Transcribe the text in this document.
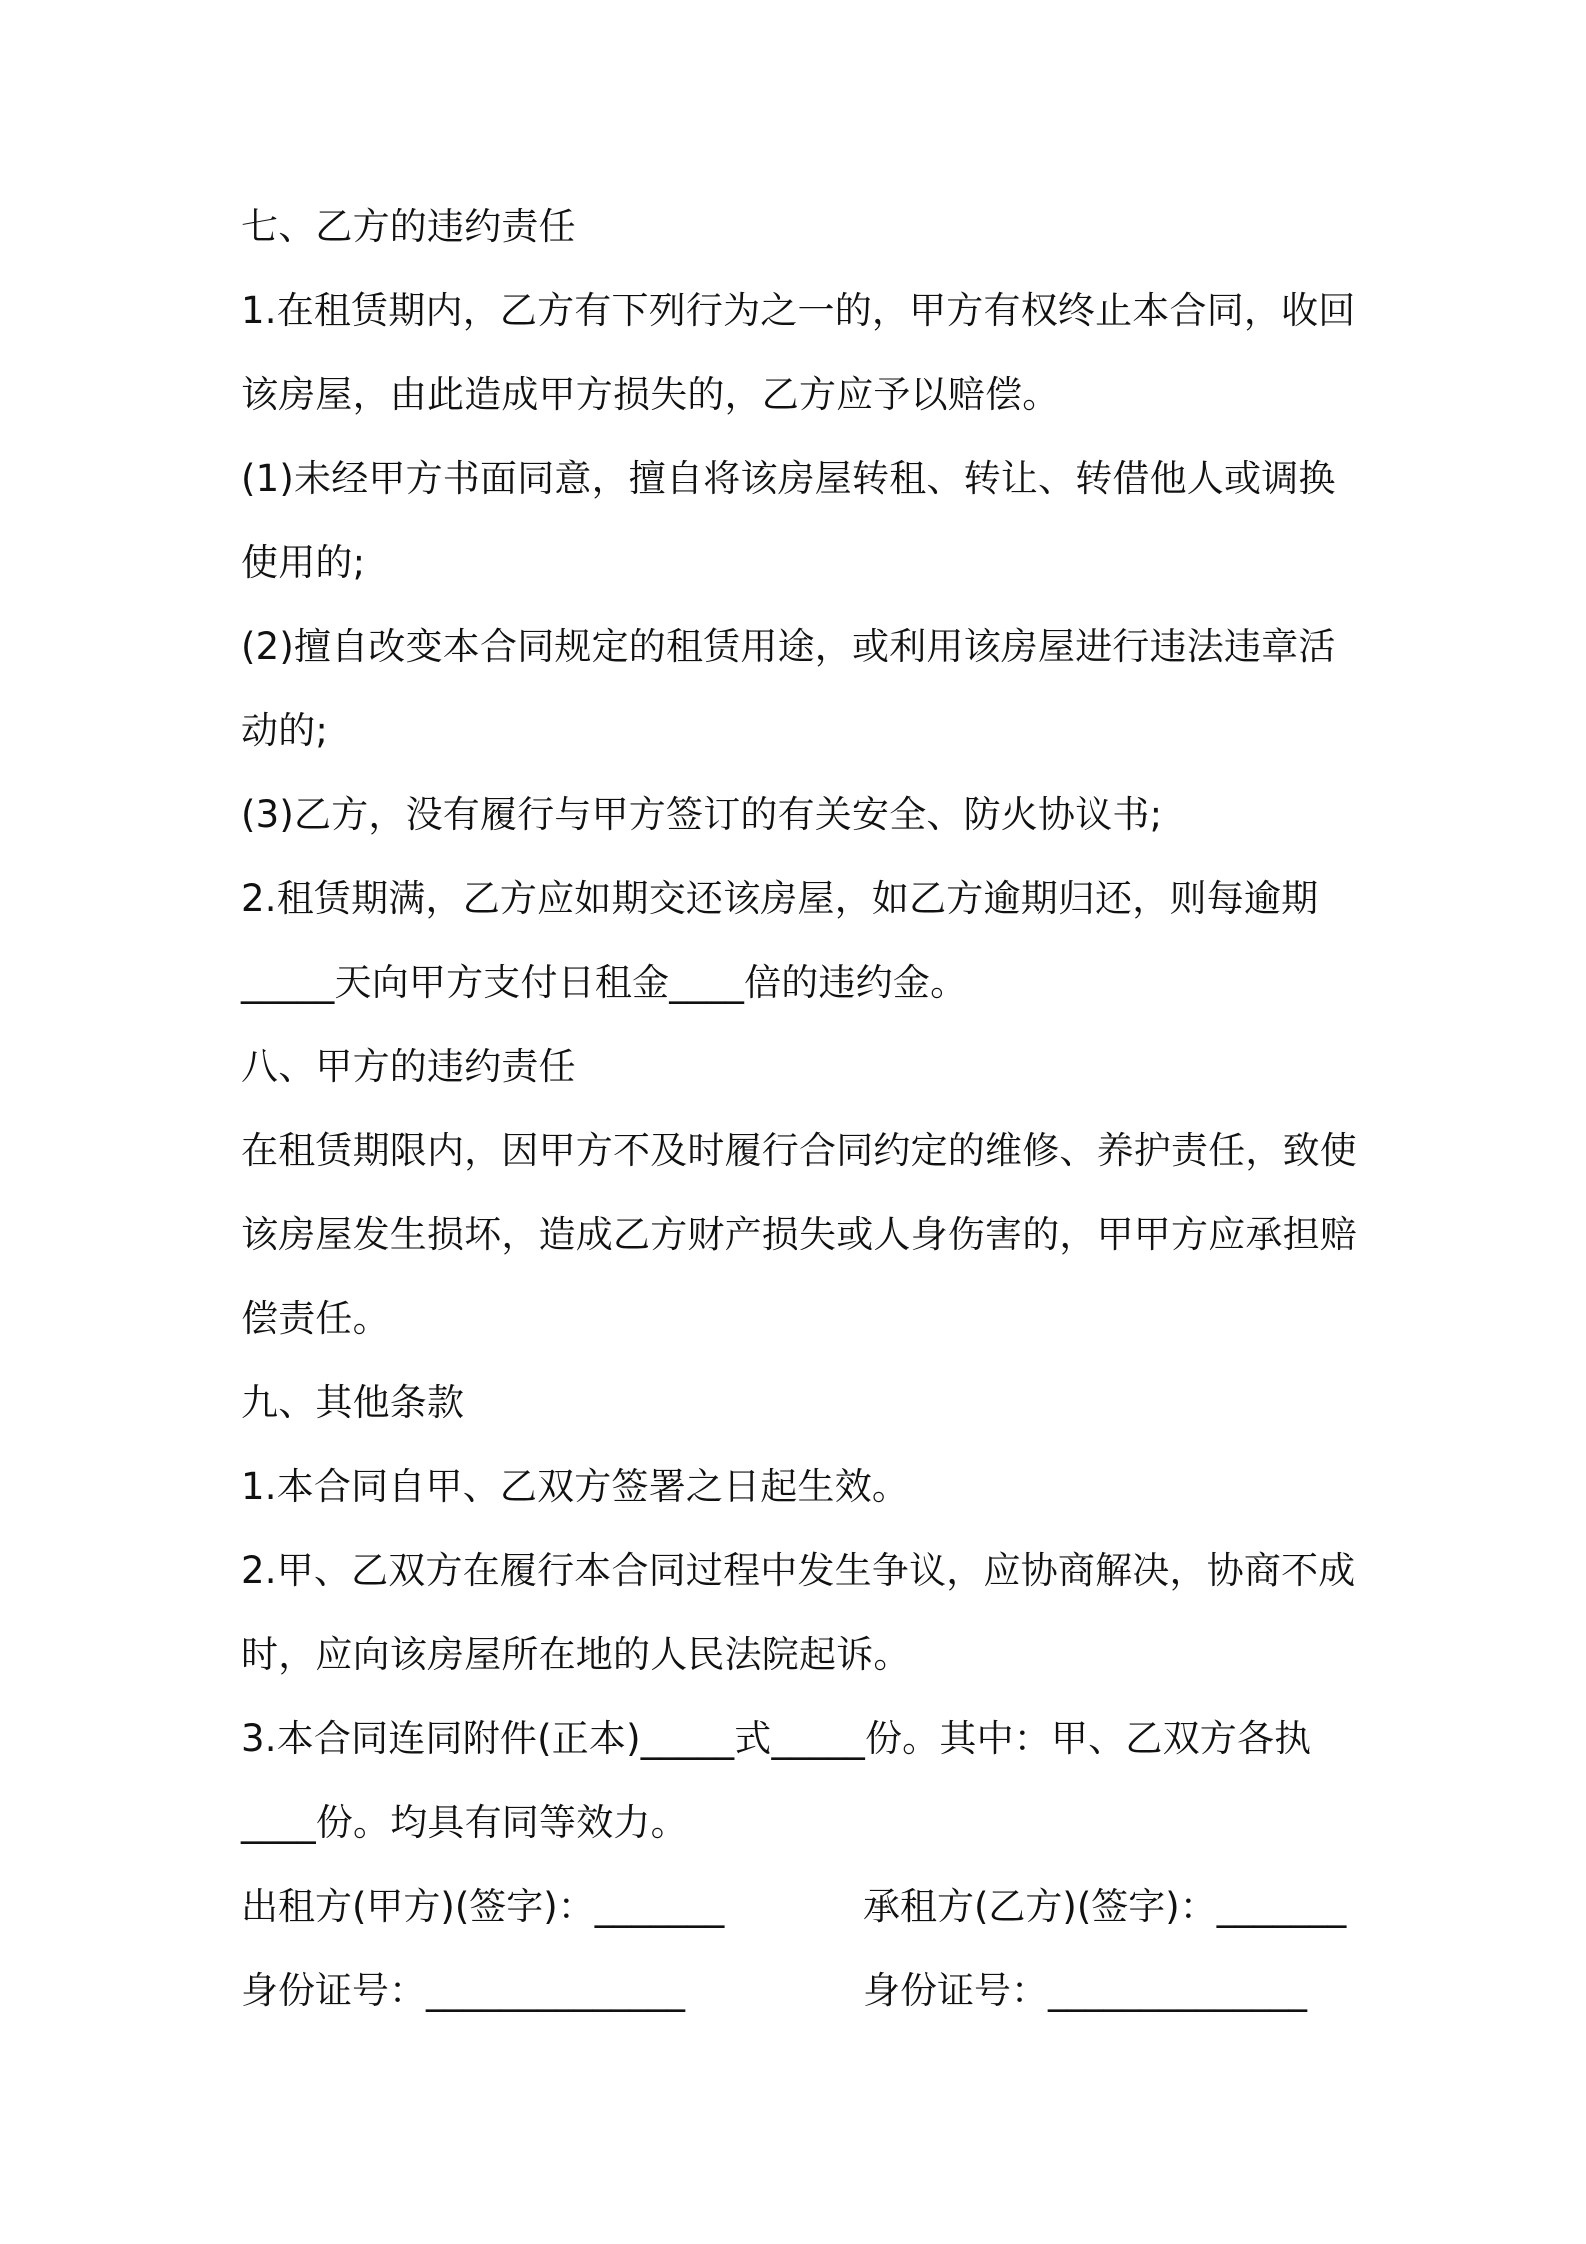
七、乙方的违约责任
1.在租赁期内，乙方有下列行为之一的，甲方有权终止本合同，收回
该房屋，由此造成甲方损失的，乙方应予以赔偿。
(1)未经甲方书面同意，擅自将该房屋转租、转让、转借他人或调换
使用的;
(2)擅自改变本合同规定的租赁用途，或利用该房屋进行违法违章活
动的;
(3)乙方，没有履行与甲方签订的有关安全、防火协议书;
2.租赁期满，乙方应如期交还该房屋，如乙方逾期归还，则每逾期
_____天向甲方支付日租金____倍的违约金。
八、甲方的违约责任
在租赁期限内，因甲方不及时履行合同约定的维修、养护责任，致使
该房屋发生损坏，造成乙方财产损失或人身伤害的，甲甲方应承担赔
偿责任。
九、其他条款
1.本合同自甲、乙双方签署之日起生效。
2.甲、乙双方在履行本合同过程中发生争议，应协商解决，协商不成
时，应向该房屋所在地的人民法院起诉。
3.本合同连同附件(正本)_____式_____份。其中：甲、乙双方各执
____份。均具有同等效力。
出租方(甲方)(签字)：_______	承租方(乙方)(签字)：_______
身份证号：______________	身份证号：______________
